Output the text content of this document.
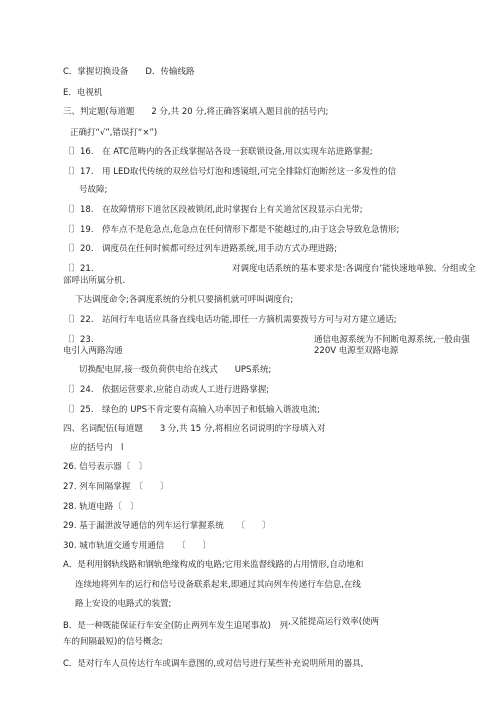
C．掌握切换设备　　D．传输线路
E．电视机
三、判定题(每道题　　2 分,共 20 分,将正确答案填入题目前的括号内;
正确打“√”,错误打“×”)
〔〕16.　在 ATC范畴内的各正线掌握站各设一套联锁设备,用以实现车站进路掌握;
〔〕17.　用 LED取代传统的双丝信号灯泡和透镜组,可完全排除灯泡断丝这一多发性的信
号故障;
〔〕18.　在故障情形下道岔区段被锁闭,此时掌握台上有关道岔区段显示白光带;
〔〕19.　停车点不是危急点,危急点在任何情形下都是不能越过的,由于这会导致危急情形;
〔〕20.　调度员在任何时候都可经过列车进路系统,用手动方式办理进路;
〔〕21.	对调度电话系统的基本要求是:各调度台’能快速地单独、分组或全
部呼出所属分机.
下达调度命令;各调度系统的分机只要摘机就可呼叫调度台;
〔〕22.　站间行车电话应具备直线电话功能,即任一方摘机需要拨号方可与对方建立通话;
〔〕23.	通信电源系统为不间断电源系统,一般由强
电引入两路沟通	220V 电源至双路电源
切换配电屏,接一级负荷供电给在线式　　UPS系统;
〔〕24.　依据运营要求,应能自动或人工进行进路掌握;
〔〕25.　绿色的 UPS不肯定要有高输入功率因子和低输入谐波电流;
四、名词配伍(每道题　　3 分,共 15 分,将相应名词说明的字母填入对
应的括号内　l
26. 信号表示器〔　〕
27. 列车间隔掌握　〔　　〕
28. 轨道电路〔　〕
29. 基于漏泄波导通信的列车运行掌握系统　　〔　　〕
30. 城市轨道交通专用通信　　〔　　〕
A．是利用钢轨线路和钢轨绝缘构成的电路;它用来监督线路的占用情形,自动地和
连续地将列车的运行和信号设备联系起来,即通过其向列车传递行车信息,在线
路上安设的电路式的装置;
B．是一种既能保证行车安全(防止两列车发生追尾事故)　列 ,又能提高运行效率(使两
车的间隔最短)的信号概念;
C．是对行车人员传达行车或调车意图的,或对信号进行某些补充说明所用的器具,
